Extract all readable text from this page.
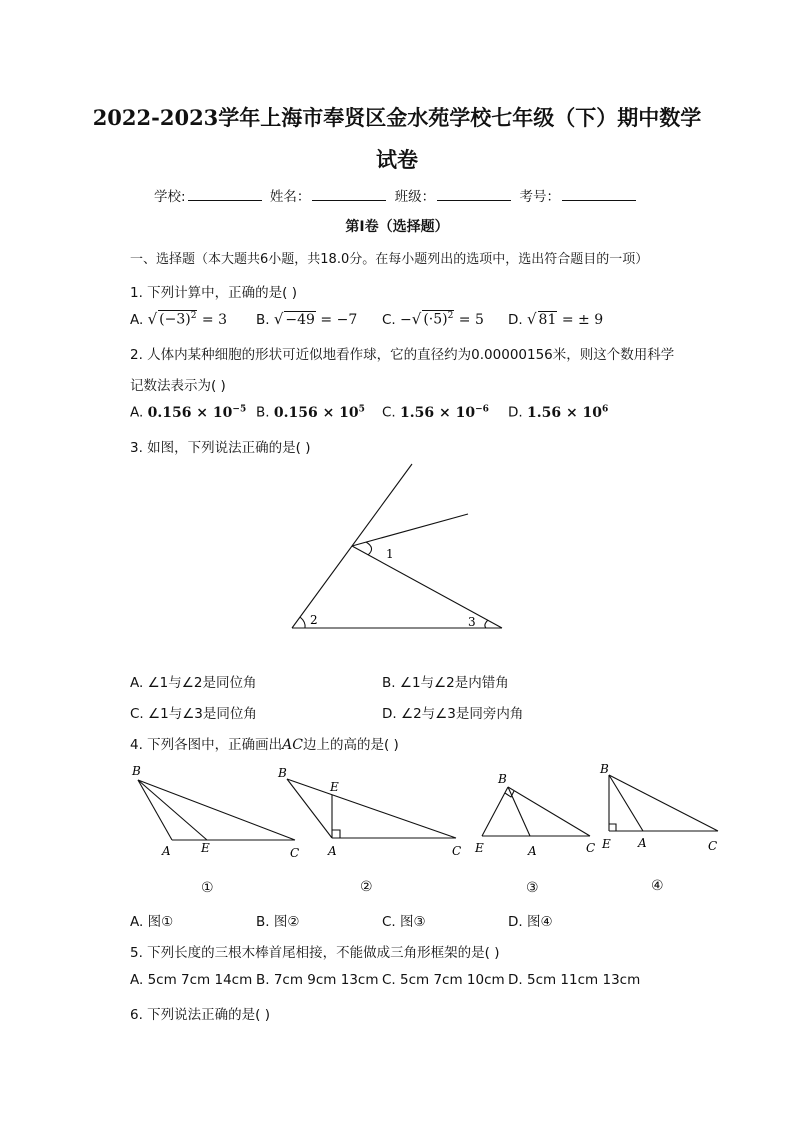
2022-2023学年上海市奉贤区金水苑学校七年级（下）期中数学
试卷
学校:	姓名：	班级：	考号：
第I卷（选择题）
一、选择题（本大题共6小题，共18.0分。在每小题列出的选项中，选出符合题目的一项）
1. 下列计算中，正确的是( )
A. √ $(-3)^2 = 3$ B. √ −49 = −7 C. −√ $(\cdot 5)^2 = 5$ D. √ 81 = ± 9
2. 人体内某种细胞的形状可近似地看作球，它的直径约为0.00000156米，则这个数用科学
记数法表示为( )
A. $0.156 \times 10^{-5}$ B. $0.156 \times 10^5$ C. $1.56 \times 10^{-6}$ D. $1.56 \times 10^6$
3. 如图，下列说法正确的是( )
1
2	3
B
A	E	C
B
E
A	C
B
E	A	C
B
E A	C
A. ∠1与∠2是同位角	B. ∠1与∠2是内错角
C. ∠1与∠3是同位角	D. ∠2与∠3是同旁内角
4. 下列各图中，正确画出AC边上的高的是( )
①	②	③	④
A. 图①	B. 图②	C. 图③	D. 图④
5. 下列长度的三根木棒首尾相接，不能做成三角形框架的是( )
A. 5cm 7cm 14cm B. 7cm 9cm 13cm C. 5cm 7cm 10cm D. 5cm 11cm 13cm
6. 下列说法正确的是( )
